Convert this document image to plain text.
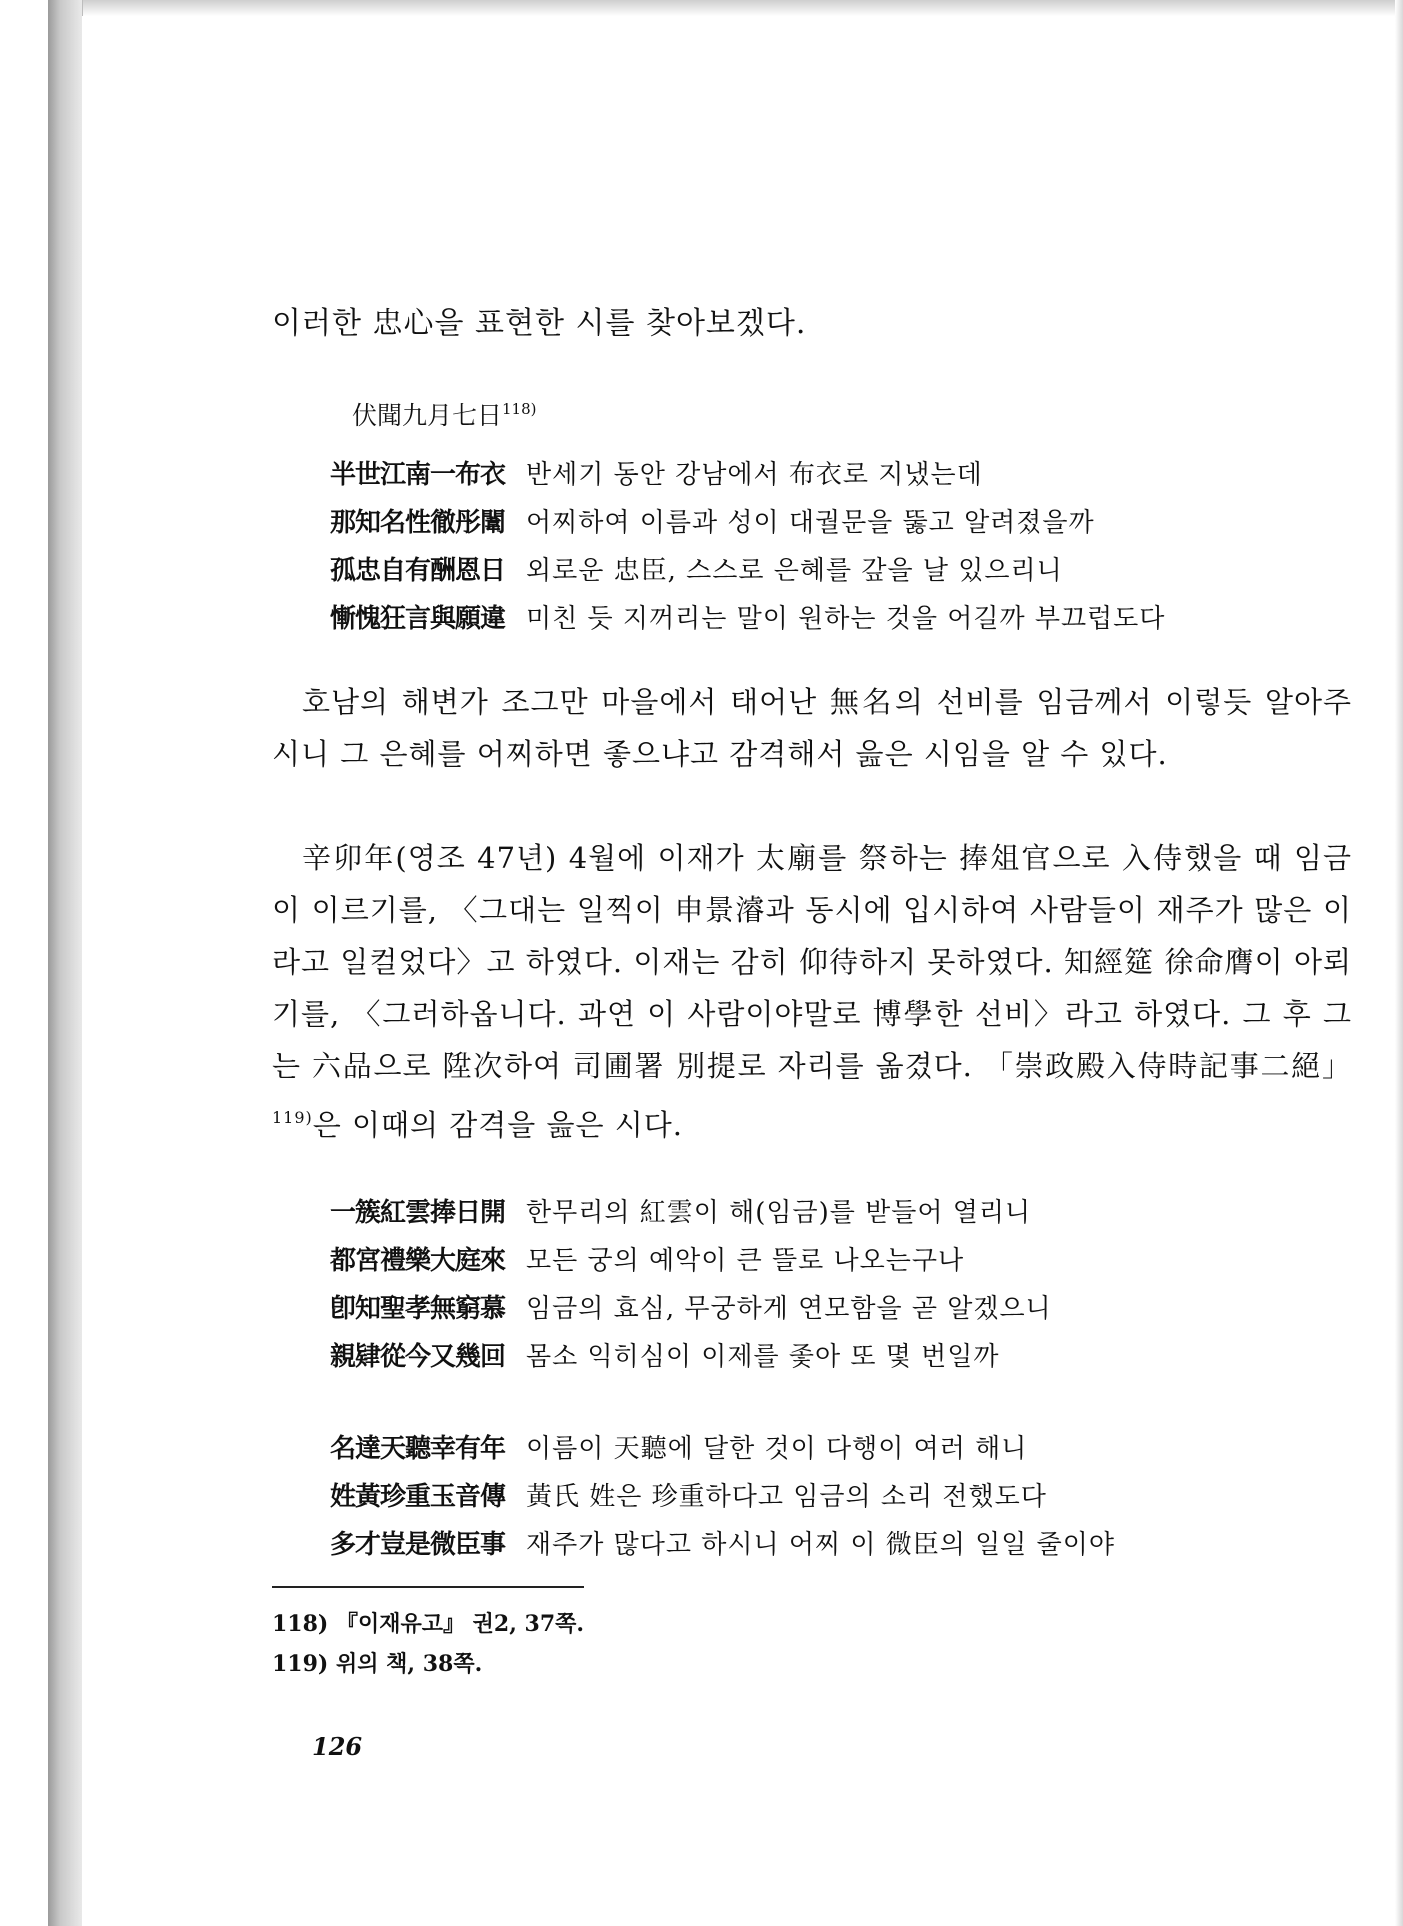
이러한 忠心을 표현한 시를 찾아보겠다.
伏聞九月七日$^{118)}$
半世江南一布衣 반세기 동안 강남에서 布衣로 지냈는데
那知名性徹彤闈 어찌하여 이름과 성이 대궐문을 뚫고 알려졌을까
孤忠自有酬恩日 외로운 忠臣, 스스로 은혜를 갚을 날 있으리니
慚愧狂言與願違 미친 듯 지꺼리는 말이 원하는 것을 어길까 부끄럽도다

호남의 해변가 조그만 마을에서 태어난 無名의 선비를 임금께서 이렇듯 알아주시니 그 은혜를 어찌하면 좋으냐고 감격해서 읊은 시임을 알 수 있다.

辛卯年(영조 47년) 4월에 이재가 太廟를 祭하는 捧俎官으로 入侍했을 때 임금이 이르기를, 〈그대는 일찍이 申景濬과 동시에 입시하여 사람들이 재주가 많은 이라고 일컬었다〉고 하였다. 이재는 감히 仰待하지 못하였다. 知經筵 徐命膺이 아뢰기를, 〈그러하옵니다. 과연 이 사람이야말로 博學한 선비〉라고 하였다. 그 후 그는 六品으로 陞次하여 司圃署 別提로 자리를 옮겼다. 「崇政殿入侍時記事二絕」$^{119)}$은 이때의 감격을 읊은 시다.

一簇紅雲捧日開 한무리의 紅雲이 해(임금)를 받들어 열리니
都宮禮樂大庭來 모든 궁의 예악이 큰 뜰로 나오는구나
卽知聖孝無窮慕 임금의 효심, 무궁하게 연모함을 곧 알겠으니
親肄從今又幾回 몸소 익히심이 이제를 좇아 또 몇 번일까
名達天聽幸有年 이름이 天聽에 달한 것이 다행이 여러 해니
姓黃珍重玉音傳 黃氏 姓은 珍重하다고 임금의 소리 전했도다
多才豈是微臣事 재주가 많다고 하시니 어찌 이 微臣의 일일 줄이야
118) 『이재유고』 권2, 37쪽.
119) 위의 책, 38쪽.
126
